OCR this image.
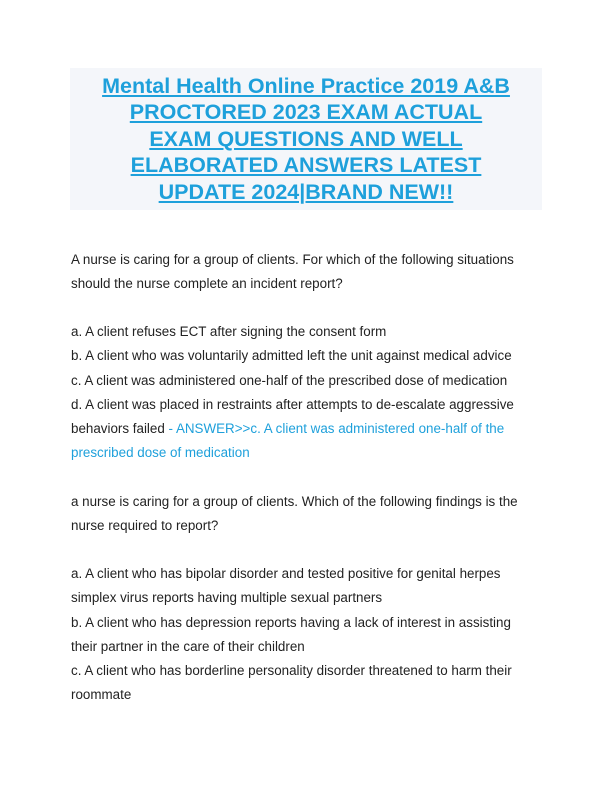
Mental Health Online Practice 2019 A&B
PROCTORED 2023 EXAM ACTUAL
EXAM QUESTIONS AND WELL
ELABORATED ANSWERS LATEST
UPDATE 2024|BRAND NEW!!

A nurse is caring for a group of clients. For which of the following situations
should the nurse complete an incident report?

a. A client refuses ECT after signing the consent form
b. A client who was voluntarily admitted left the unit against medical advice
c. A client was administered one-half of the prescribed dose of medication
d. A client was placed in restraints after attempts to de-escalate aggressive
behaviors failed - ANSWER>>c. A client was administered one-half of the
prescribed dose of medication

a nurse is caring for a group of clients. Which of the following findings is the
nurse required to report?

a. A client who has bipolar disorder and tested positive for genital herpes
simplex virus reports having multiple sexual partners
b. A client who has depression reports having a lack of interest in assisting
their partner in the care of their children
c. A client who has borderline personality disorder threatened to harm their
roommate
